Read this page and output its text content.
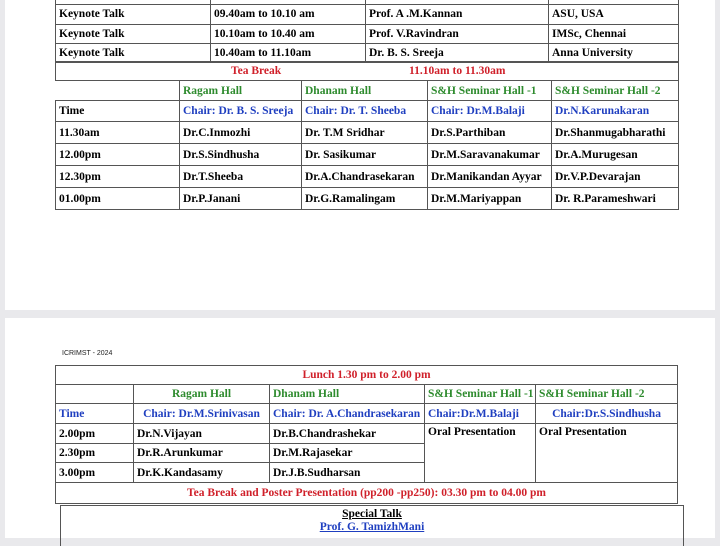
Keynote Talk	09.40am to 10.10 am	Prof. A .M.Kannan	ASU, USA
Keynote Talk	10.10am to 10.40 am	Prof. V.Ravindran	IMSc, Chennai
Keynote Talk	10.40am to 11.10am	Dr. B. S. Sreeja	Anna University
Tea Break 11.10am to 11.30am				
	Ragam Hall	Dhanam Hall	S&H Seminar Hall -1	S&H Seminar Hall -2
Time	Chair: Dr. B. S. Sreeja	Chair: Dr. T. Sheeba	Chair: Dr.M.Balaji	Dr.N.Karunakaran
11.30am	Dr.C.Inmozhi	Dr. T.M Sridhar	Dr.S.Parthiban	Dr.Shanmugabharathi
12.00pm	Dr.S.Sindhusha	Dr. Sasikumar	Dr.M.Saravanakumar	Dr.A.Murugesan
12.30pm	Dr.T.Sheeba	Dr.A.Chandrasekaran	Dr.Manikandan Ayyar	Dr.V.P.Devarajan
01.00pm	Dr.P.Janani	Dr.G.Ramalingam	Dr.M.Mariyappan	Dr. R.Parameshwari
ICRIMST - 2024
Special Talk
Prof. G. TamizhMani
Lunch 1.30 pm to 2.00 pm				
	Ragam Hall	Dhanam Hall	S&H Seminar Hall -1	S&H Seminar Hall -2
Time	Chair: Dr.M.Srinivasan	Chair: Dr. A.Chandrasekaran	Chair:Dr.M.Balaji	Chair:Dr.S.Sindhusha
2.00pm	Dr.N.Vijayan	Dr.B.Chandrashekar	Oral Presentation	Oral Presentation
2.30pm	Dr.R.Arunkumar	Dr.M.Rajasekar		
3.00pm	Dr.K.Kandasamy	Dr.J.B.Sudharsan		
Tea Break and Poster Presentation (pp200 -pp250): 03.30 pm to 04.00 pm				
